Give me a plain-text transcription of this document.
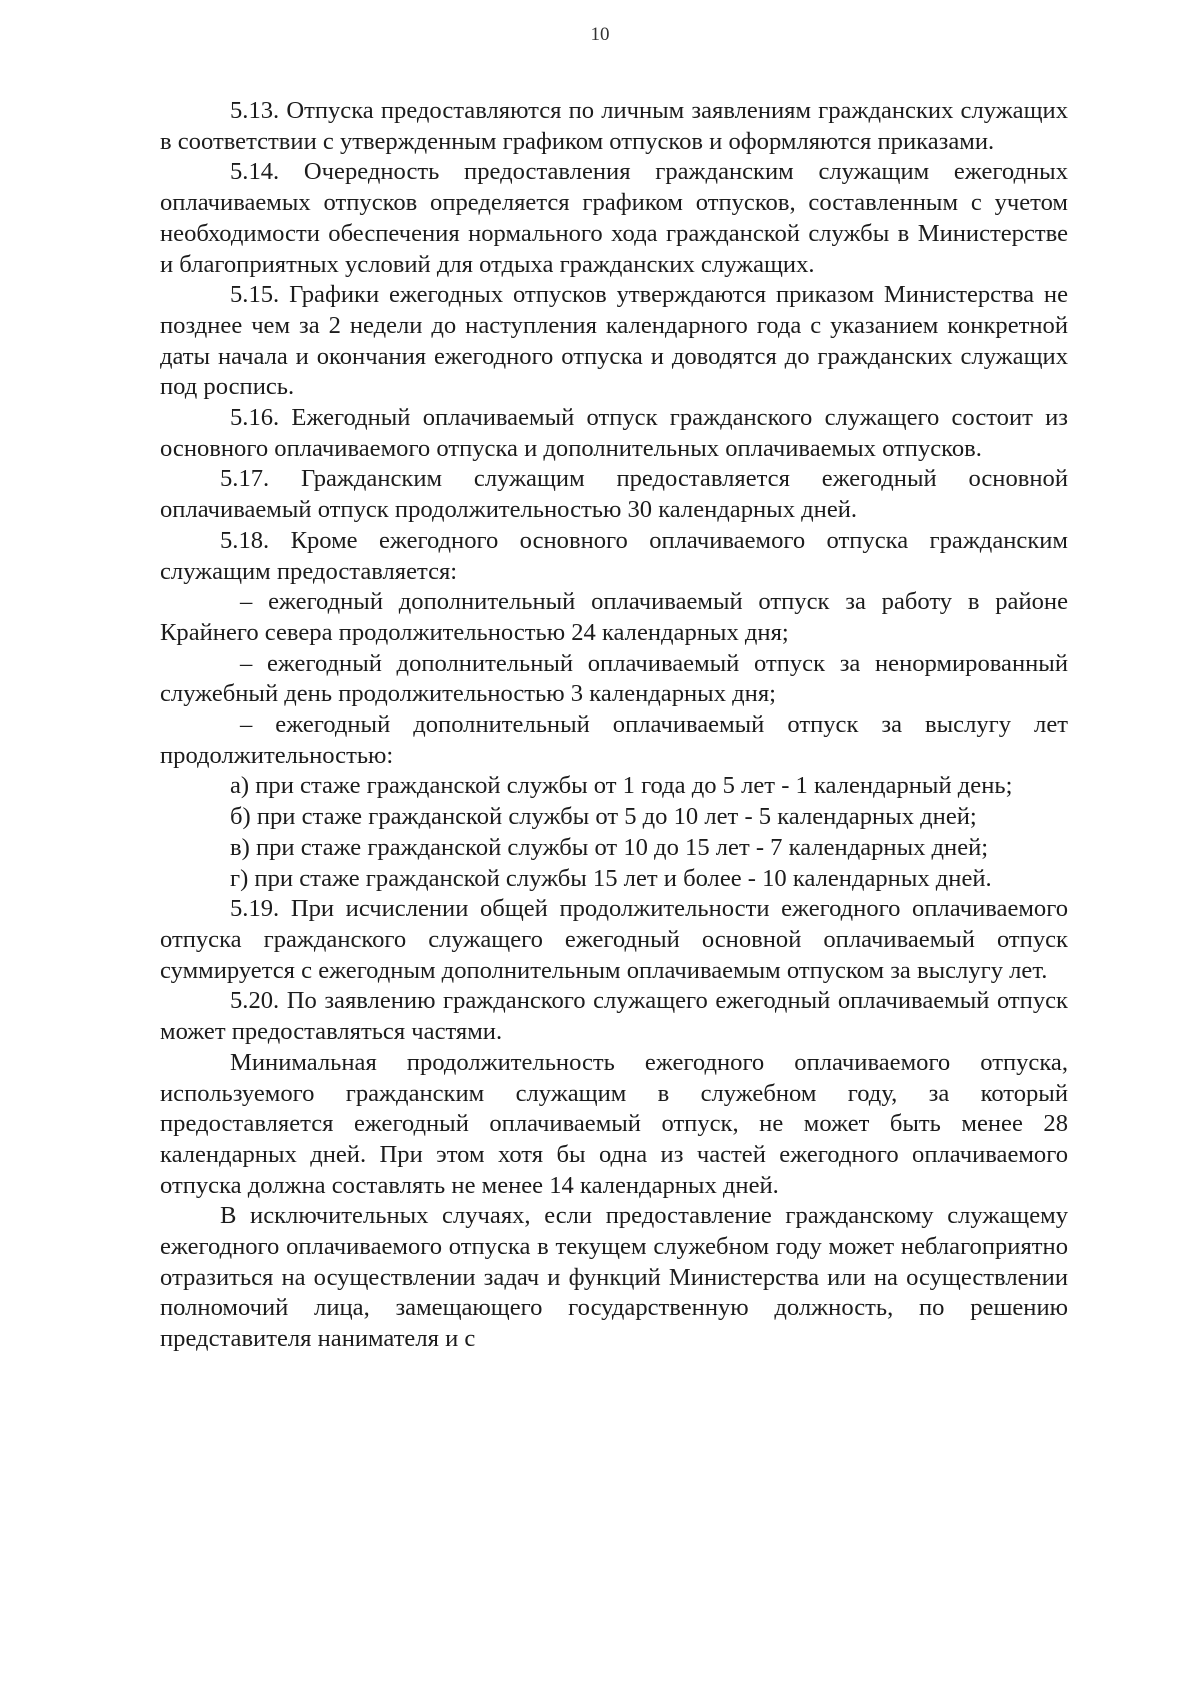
10

5.13. Отпуска предоставляются по личным заявлениям гражданских служащих в соответствии с утвержденным графиком отпусков и оформляются приказами.

5.14. Очередность предоставления гражданским служащим ежегодных оплачиваемых отпусков определяется графиком отпусков, составленным с учетом необходимости обеспечения нормального хода гражданской службы в Министерстве и благоприятных условий для отдыха гражданских служащих.

5.15. Графики ежегодных отпусков утверждаются приказом Министерства не позднее чем за 2 недели до наступления календарного года с указанием конкретной даты начала и окончания ежегодного отпуска и доводятся до гражданских служащих под роспись.

5.16. Ежегодный оплачиваемый отпуск гражданского служащего состоит из основного оплачиваемого отпуска и дополнительных оплачиваемых отпусков.

5.17. Гражданским служащим предоставляется ежегодный основной оплачиваемый отпуск продолжительностью 30 календарных дней.

5.18. Кроме ежегодного основного оплачиваемого отпуска гражданским служащим предоставляется:

– ежегодный дополнительный оплачиваемый отпуск за работу в районе Крайнего севера продолжительностью 24 календарных дня;

– ежегодный дополнительный оплачиваемый отпуск за ненормированный служебный день продолжительностью 3 календарных дня;

– ежегодный дополнительный оплачиваемый отпуск за выслугу лет продолжительностью:

а) при стаже гражданской службы от 1 года до 5 лет - 1 календарный день;

б) при стаже гражданской службы от 5 до 10 лет - 5 календарных дней;

в) при стаже гражданской службы от 10 до 15 лет - 7 календарных дней;

г) при стаже гражданской службы 15 лет и более - 10 календарных дней.

5.19. При исчислении общей продолжительности ежегодного оплачиваемого отпуска гражданского служащего ежегодный основной оплачиваемый отпуск суммируется с ежегодным дополнительным оплачиваемым отпуском за выслугу лет.

5.20. По заявлению гражданского служащего ежегодный оплачиваемый отпуск может предоставляться частями.

Минимальная продолжительность ежегодного оплачиваемого отпуска, используемого гражданским служащим в служебном году, за который предоставляется ежегодный оплачиваемый отпуск, не может быть менее 28 календарных дней. При этом хотя бы одна из частей ежегодного оплачиваемого отпуска должна составлять не менее 14 календарных дней.

В исключительных случаях, если предоставление гражданскому служащему ежегодного оплачиваемого отпуска в текущем служебном году может неблагоприятно отразиться на осуществлении задач и функций Министерства или на осуществлении полномочий лица, замещающего государственную должность, по решению представителя нанимателя и с
